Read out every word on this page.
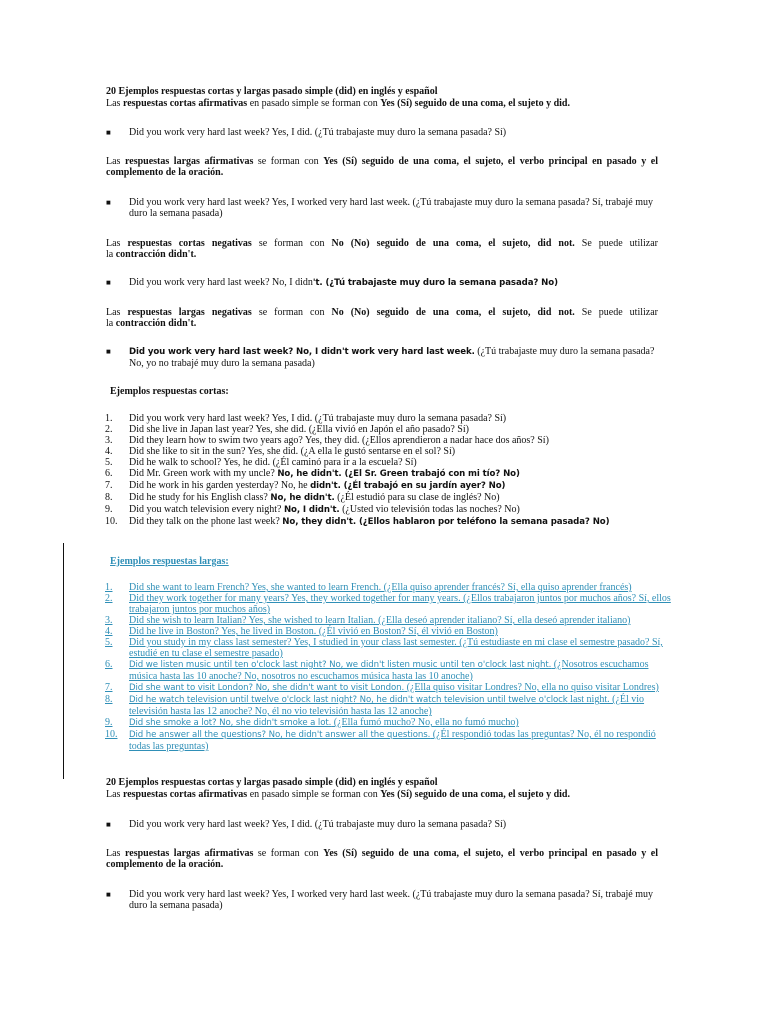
20 Ejemplos respuestas cortas y largas pasado simple (did) en inglés y español

Las respuestas cortas afirmativas en pasado simple se forman con Yes (Sí) seguido de una coma, el sujeto y did.

■ Did you work very hard last week? Yes, I did. (¿Tú trabajaste muy duro la semana pasada? Sí)

Las respuestas largas afirmativas se forman con Yes (Sí) seguido de una coma, el sujeto, el verbo principal en pasado y el

complemento de la oración.

■ Did you work very hard last week? Yes, I worked very hard last week. (¿Tú trabajaste muy duro la semana pasada? Sí, trabajé muy duro la semana pasada)

Las respuestas cortas negativas se forman con No (No) seguido de una coma, el sujeto, did not. Se puede utilizar

la contracción didn't.

■ Did you work very hard last week? No, I didn't. (¿Tú trabajaste muy duro la semana pasada? No)

Las respuestas largas negativas se forman con No (No) seguido de una coma, el sujeto, did not. Se puede utilizar

la contracción didn't.

■ Did you work very hard last week? No, I didn't work very hard last week. (¿Tú trabajaste muy duro la semana pasada? No, yo no trabajé muy duro la semana pasada)

Ejemplos respuestas cortas:

1. Did you work very hard last week? Yes, I did. (¿Tú trabajaste muy duro la semana pasada? Sí)
2. Did she live in Japan last year? Yes, she did. (¿Ella vivió en Japón el año pasado? Sí)
3. Did they learn how to swim two years ago? Yes, they did. (¿Ellos aprendieron a nadar hace dos años? Sí)
4. Did she like to sit in the sun? Yes, she did. (¿A ella le gustó sentarse en el sol? Sí)
5. Did he walk to school? Yes, he did. (¿Él caminó para ir a la escuela? Sí)
6. Did Mr. Green work with my uncle? No, he didn't. (¿El Sr. Green trabajó con mi tío? No)
7. Did he work in his garden yesterday? No, he didn't. (¿Él trabajó en su jardín ayer? No)
8. Did he study for his English class? No, he didn't. (¿Él estudió para su clase de inglés? No)
9. Did you watch television every night? No, I didn't. (¿Usted vio televisión todas las noches? No)
10. Did they talk on the phone last week? No, they didn't. (¿Ellos hablaron por teléfono la semana pasada? No)

Ejemplos respuestas largas:

1. Did she want to learn French? Yes, she wanted to learn French. (¿Ella quiso aprender francés? Sí, ella quiso aprender francés)
2. Did they work together for many years? Yes, they worked together for many years. (¿Ellos trabajaron juntos por muchos años? Sí, ellos trabajaron juntos por muchos años)
3. Did she wish to learn Italian? Yes, she wished to learn Italian. (¿Ella deseó aprender italiano? Sí, ella deseó aprender italiano)
4. Did he live in Boston? Yes, he lived in Boston. (¿Él vivió en Boston? Sí, él vivió en Boston)
5. Did you study in my class last semester? Yes, I studied in your class last semester. (¿Tú estudiaste en mi clase el semestre pasado? Sí, estudié en tu clase el semestre pasado)
6. Did we listen music until ten o'clock last night? No, we didn't listen music until ten o'clock last night. (¿Nosotros escuchamos música hasta las 10 anoche? No, nosotros no escuchamos música hasta las 10 anoche)
7. Did she want to visit London? No, she didn't want to visit London. (¿Ella quiso visitar Londres? No, ella no quiso visitar Londres)
8. Did he watch television until twelve o'clock last night? No, he didn't watch television until twelve o'clock last night. (¿Él vio televisión hasta las 12 anoche? No, él no vio televisión hasta las 12 anoche)
9. Did she smoke a lot? No, she didn't smoke a lot. (¿Ella fumó mucho? No, ella no fumó mucho)
10. Did he answer all the questions? No, he didn't answer all the questions. (¿Él respondió todas las preguntas? No, él no respondió todas las preguntas)

20 Ejemplos respuestas cortas y largas pasado simple (did) en inglés y español

Las respuestas cortas afirmativas en pasado simple se forman con Yes (Sí) seguido de una coma, el sujeto y did.

■ Did you work very hard last week? Yes, I did. (¿Tú trabajaste muy duro la semana pasada? Sí)

Las respuestas largas afirmativas se forman con Yes (Sí) seguido de una coma, el sujeto, el verbo principal en pasado y el

complemento de la oración.

■ Did you work very hard last week? Yes, I worked very hard last week. (¿Tú trabajaste muy duro la semana pasada? Sí, trabajé muy duro la semana pasada)
